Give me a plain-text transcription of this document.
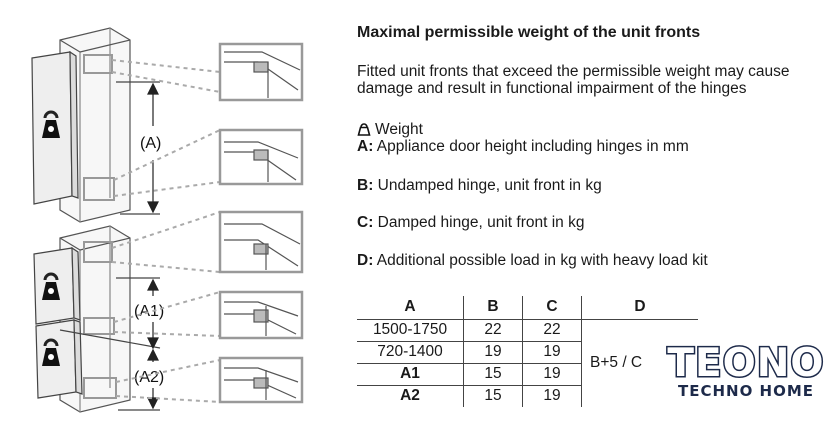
(A)
(A1)
(A2)
Maximal permissible weight of the unit fronts
Fitted unit fronts that exceed the permissible weight may cause damage and result in functional impairment of the hinges
Weight
A: Appliance door height including hinges in mm
B: Undamped hinge, unit front in kg
C: Damped hinge, unit front in kg
D: Additional possible load in kg with heavy load kit
A	B	C	D
1500-1750	22	22	B+5 / C
720-1400	19	19	
A1	15	19	
A2	15	19	
TEONO
TECHNO HOME
